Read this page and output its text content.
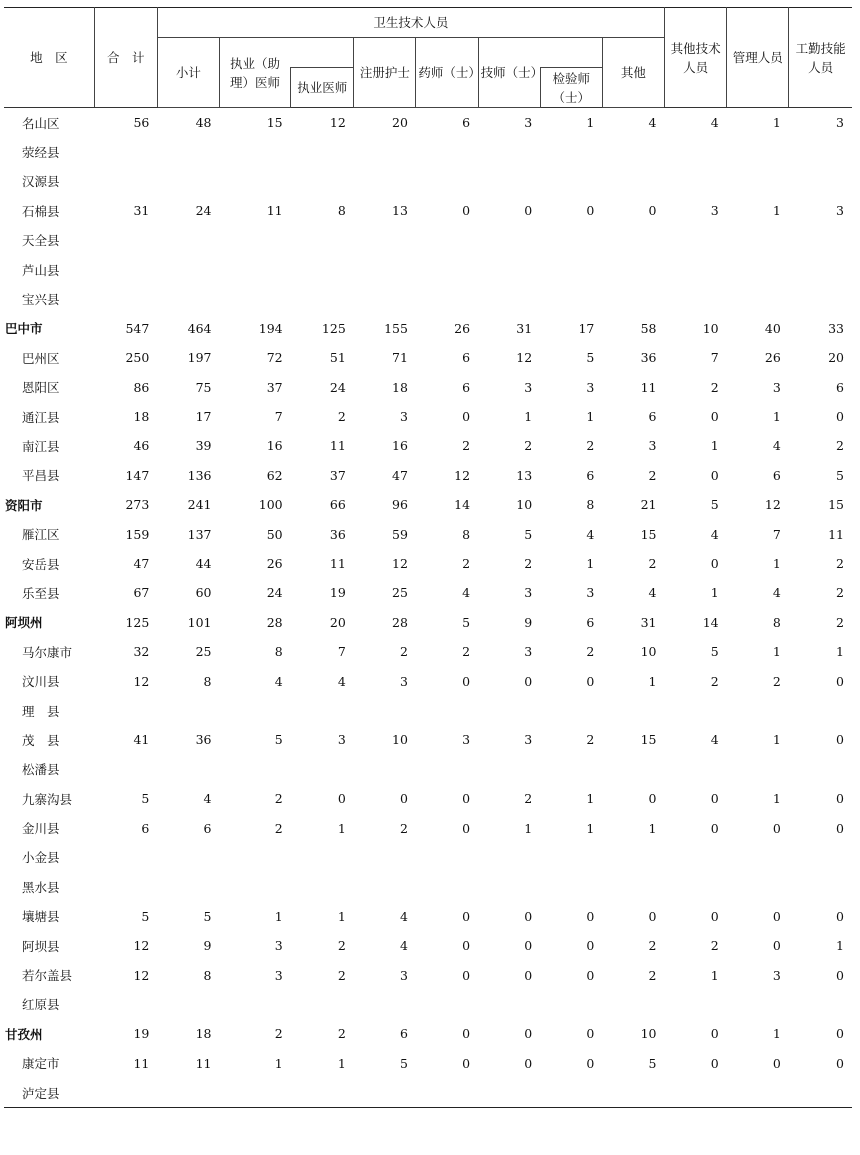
地　区	合　计	卫生技术人员								其他技术人员	管理人员	工勤技能人员
		小计	执业（助理）医师		注册护士	药师（士）	技师（士）		其他			
				执业医师				检验师（士）				
名山区	56	48	15	12	20	6	3	1	4	4	1	3
荥经县												
汉源县												
石棉县	31	24	11	8	13	0	0	0	0	3	1	3
天全县												
芦山县												
宝兴县												
巴中市	547	464	194	125	155	26	31	17	58	10	40	33
巴州区	250	197	72	51	71	6	12	5	36	7	26	20
恩阳区	86	75	37	24	18	6	3	3	11	2	3	6
通江县	18	17	7	2	3	0	1	1	6	0	1	0
南江县	46	39	16	11	16	2	2	2	3	1	4	2
平昌县	147	136	62	37	47	12	13	6	2	0	6	5
资阳市	273	241	100	66	96	14	10	8	21	5	12	15
雁江区	159	137	50	36	59	8	5	4	15	4	7	11
安岳县	47	44	26	11	12	2	2	1	2	0	1	2
乐至县	67	60	24	19	25	4	3	3	4	1	4	2
阿坝州	125	101	28	20	28	5	9	6	31	14	8	2
马尔康市	32	25	8	7	2	2	3	2	10	5	1	1
汶川县	12	8	4	4	3	0	0	0	1	2	2	0
理　县												
茂　县	41	36	5	3	10	3	3	2	15	4	1	0
松潘县												
九寨沟县	5	4	2	0	0	0	2	1	0	0	1	0
金川县	6	6	2	1	2	0	1	1	1	0	0	0
小金县												
黑水县												
壤塘县	5	5	1	1	4	0	0	0	0	0	0	0
阿坝县	12	9	3	2	4	0	0	0	2	2	0	1
若尔盖县	12	8	3	2	3	0	0	0	2	1	3	0
红原县												
甘孜州	19	18	2	2	6	0	0	0	10	0	1	0
康定市	11	11	1	1	5	0	0	0	5	0	0	0
泸定县												
